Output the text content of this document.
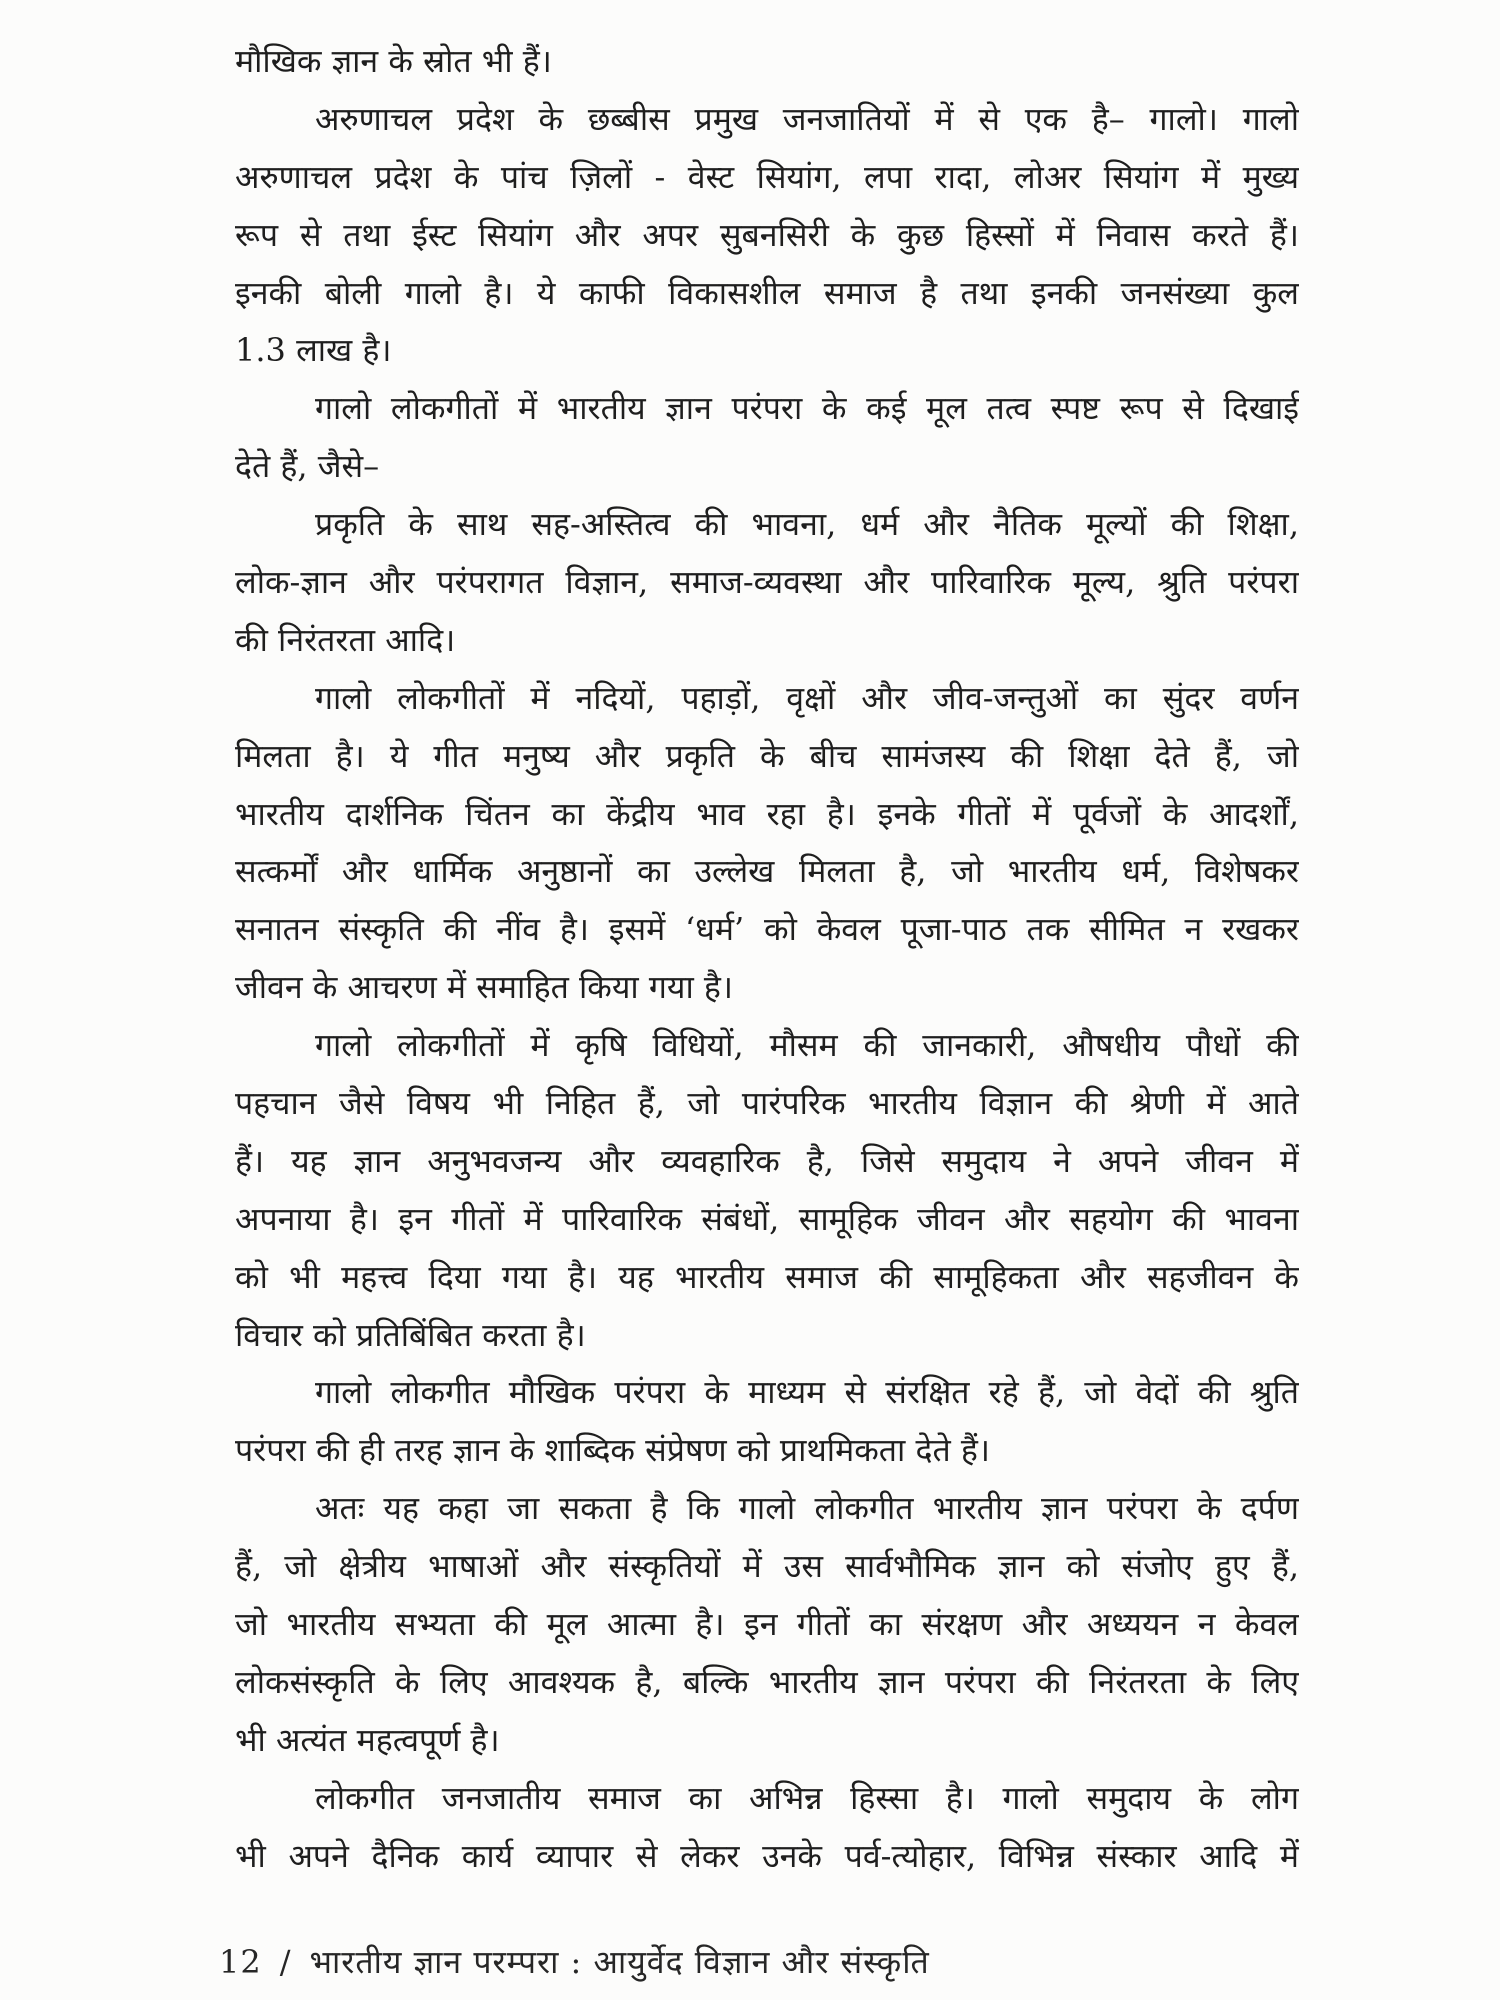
मौखिक ज्ञान के स्रोत भी हैं।
अरुणाचल प्रदेश के छब्बीस प्रमुख जनजातियों में से एक है– गालो। गालो
अरुणाचल प्रदेश के पांच ज़िलों - वेस्ट सियांग, लपा रादा, लोअर सियांग में मुख्य
रूप से तथा ईस्ट सियांग और अपर सुबनसिरी के कुछ हिस्सों में निवास करते हैं।
इनकी बोली गालो है। ये काफी विकासशील समाज है तथा इनकी जनसंख्या कुल
1.3 लाख है।
गालो लोकगीतों में भारतीय ज्ञान परंपरा के कई मूल तत्व स्पष्ट रूप से दिखाई
देते हैं, जैसे–
प्रकृति के साथ सह-अस्तित्व की भावना, धर्म और नैतिक मूल्यों की शिक्षा,
लोक-ज्ञान और परंपरागत विज्ञान, समाज-व्यवस्था और पारिवारिक मूल्य, श्रुति परंपरा
की निरंतरता आदि।
गालो लोकगीतों में नदियों, पहाड़ों, वृक्षों और जीव-जन्तुओं का सुंदर वर्णन
मिलता है। ये गीत मनुष्य और प्रकृति के बीच सामंजस्य की शिक्षा देते हैं, जो
भारतीय दार्शनिक चिंतन का केंद्रीय भाव रहा है। इनके गीतों में पूर्वजों के आदर्शों,
सत्कर्मों और धार्मिक अनुष्ठानों का उल्लेख मिलता है, जो भारतीय धर्म, विशेषकर
सनातन संस्कृति की नींव है। इसमें ‘धर्म’ को केवल पूजा-पाठ तक सीमित न रखकर
जीवन के आचरण में समाहित किया गया है।
गालो लोकगीतों में कृषि विधियों, मौसम की जानकारी, औषधीय पौधों की
पहचान जैसे विषय भी निहित हैं, जो पारंपरिक भारतीय विज्ञान की श्रेणी में आते
हैं। यह ज्ञान अनुभवजन्य और व्यवहारिक है, जिसे समुदाय ने अपने जीवन में
अपनाया है। इन गीतों में पारिवारिक संबंधों, सामूहिक जीवन और सहयोग की भावना
को भी महत्त्व दिया गया है। यह भारतीय समाज की सामूहिकता और सहजीवन के
विचार को प्रतिबिंबित करता है।
गालो लोकगीत मौखिक परंपरा के माध्यम से संरक्षित रहे हैं, जो वेदों की श्रुति
परंपरा की ही तरह ज्ञान के शाब्दिक संप्रेषण को प्राथमिकता देते हैं।
अतः यह कहा जा सकता है कि गालो लोकगीत भारतीय ज्ञान परंपरा के दर्पण
हैं, जो क्षेत्रीय भाषाओं और संस्कृतियों में उस सार्वभौमिक ज्ञान को संजोए हुए हैं,
जो भारतीय सभ्यता की मूल आत्मा है। इन गीतों का संरक्षण और अध्ययन न केवल
लोकसंस्कृति के लिए आवश्यक है, बल्कि भारतीय ज्ञान परंपरा की निरंतरता के लिए
भी अत्यंत महत्वपूर्ण है।
लोकगीत जनजातीय समाज का अभिन्न हिस्सा है। गालो समुदाय के लोग
भी अपने दैनिक कार्य व्यापार से लेकर उनके पर्व-त्योहार, विभिन्न संस्कार आदि में
12 / भारतीय ज्ञान परम्परा : आयुर्वेद विज्ञान और संस्कृति
